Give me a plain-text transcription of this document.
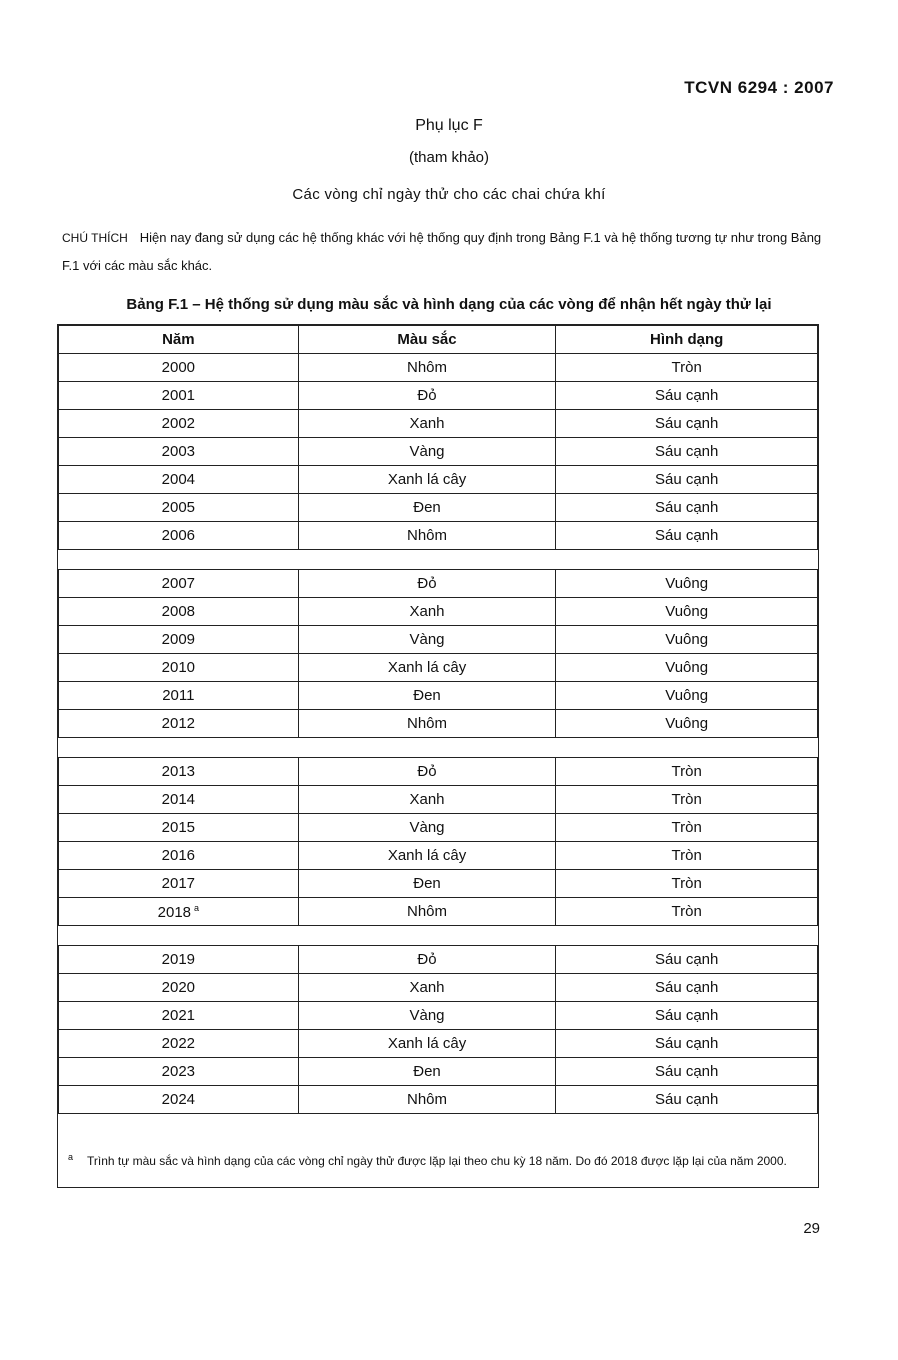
TCVN 6294 : 2007
Phụ lục F
(tham khảo)
Các vòng chỉ ngày thử cho các chai chứa khí
CHÚ THÍCH Hiện nay đang sử dụng các hệ thống khác với hệ thống quy định trong Bảng F.1 và hệ thống tương tự như trong Bảng F.1 với các màu sắc khác.
Bảng F.1 – Hệ thống sử dụng màu sắc và hình dạng của các vòng để nhận hết ngày thử lại
Năm	Màu sắc	Hình dạng
2000	Nhôm	Tròn
2001	Đỏ	Sáu cạnh
2002	Xanh	Sáu cạnh
2003	Vàng	Sáu cạnh
2004	Xanh lá cây	Sáu cạnh
2005	Đen	Sáu cạnh
2006	Nhôm	Sáu cạnh

2007	Đỏ	Vuông
2008	Xanh	Vuông
2009	Vàng	Vuông
2010	Xanh lá cây	Vuông
2011	Đen	Vuông
2012	Nhôm	Vuông

2013	Đỏ	Tròn
2014	Xanh	Tròn
2015	Vàng	Tròn
2016	Xanh lá cây	Tròn
2017	Đen	Tròn
2018 $^a$	Nhôm	Tròn

2019	Đỏ	Sáu cạnh
2020	Xanh	Sáu cạnh
2021	Vàng	Sáu cạnh
2022	Xanh lá cây	Sáu cạnh
2023	Đen	Sáu cạnh
2024	Nhôm	Sáu cạnh
$^a$ Trình tự màu sắc và hình dạng của các vòng chỉ ngày thử được lặp lại theo chu kỳ 18 năm. Do đó 2018 được lặp lại của năm 2000.
29
